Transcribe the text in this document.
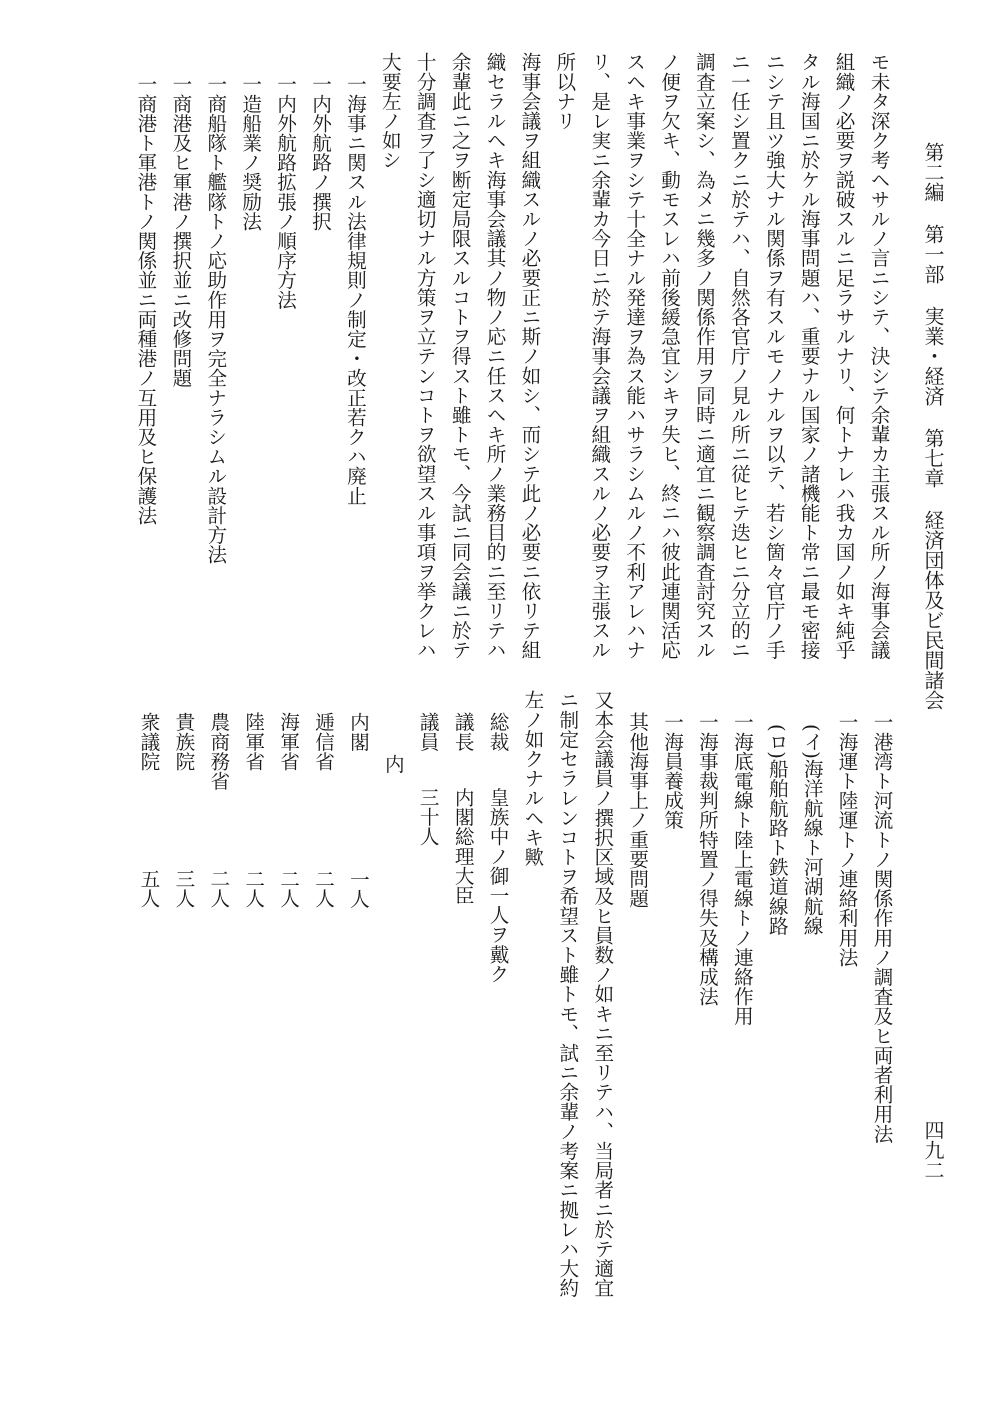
第二編第一部実業・経済第七章経済団体及ビ民間諸会
四九二
モ未タ深ク考ヘサルノ言ニシテ、決シテ余輩カ主張スル所ノ海事会議
組織ノ必要ヲ説破スルニ足ラサルナリ、何トナレハ我カ国ノ如キ純乎
タル海国ニ於ケル海事問題ハ、重要ナル国家ノ諸機能ト常ニ最モ密接
ニシテ且ツ強大ナル関係ヲ有スルモノナルヲ以テ、若シ箇々官庁ノ手
ニ一任シ置クニ於テハ、自然各官庁ノ見ル所ニ従ヒテ迭ヒニ分立的ニ
調査立案シ、為メニ幾多ノ関係作用ヲ同時ニ適宜ニ観察調査討究スル
ノ便ヲ欠キ、動モスレハ前後緩急宜シキヲ失ヒ、終ニハ彼此連関活応
スヘキ事業ヲシテ十全ナル発達ヲ為ス能ハサラシムルノ不利アレハナ
リ、是レ実ニ余輩カ今日ニ於テ海事会議ヲ組織スルノ必要ヲ主張スル
所以ナリ
海事会議ヲ組織スルノ必要正ニ斯ノ如シ、而シテ此ノ必要ニ依リテ組
織セラルヘキ海事会議其ノ物ノ応ニ任スヘキ所ノ業務目的ニ至リテハ
余輩此ニ之ヲ断定局限スルコトヲ得スト雖トモ、今試ニ同会議ニ於テ
十分調査ヲ了シ適切ナル方策ヲ立テンコトヲ欲望スル事項ヲ挙クレハ
大要左ノ如シ
一海事ニ関スル法律規則ノ制定・改正若クハ廃止
一内外航路ノ撰択
一内外航路拡張ノ順序方法
一造船業ノ奨励法
一商船隊ト艦隊トノ応助作用ヲ完全ナラシムル設計方法
一商港及ヒ軍港ノ撰択並ニ改修問題
一商港ト軍港トノ関係並ニ両種港ノ互用及ヒ保護法
一港湾ト河流トノ関係作用ノ調査及ヒ両者利用法
一海運ト陸運トノ連絡利用法
(イ)海洋航線ト河湖航線
(ロ)船舶航路ト鉄道線路
一海底電線ト陸上電線トノ連絡作用
一海事裁判所特置ノ得失及構成法
一海員養成策
其他海事上ノ重要問題
又本会議員ノ撰択区域及ヒ員数ノ如キニ至リテハ、当局者ニ於テ適宜
ニ制定セラレンコトヲ希望スト雖トモ、試ニ余輩ノ考案ニ拠レハ大約
左ノ如クナルヘキ歟
総裁皇族中ノ御一人ヲ戴ク
議長内閣総理大臣
議員三十人
内
内閣一人
逓信省二人
海軍省二人
陸軍省二人
農商務省二人
貴族院三人
衆議院五人
